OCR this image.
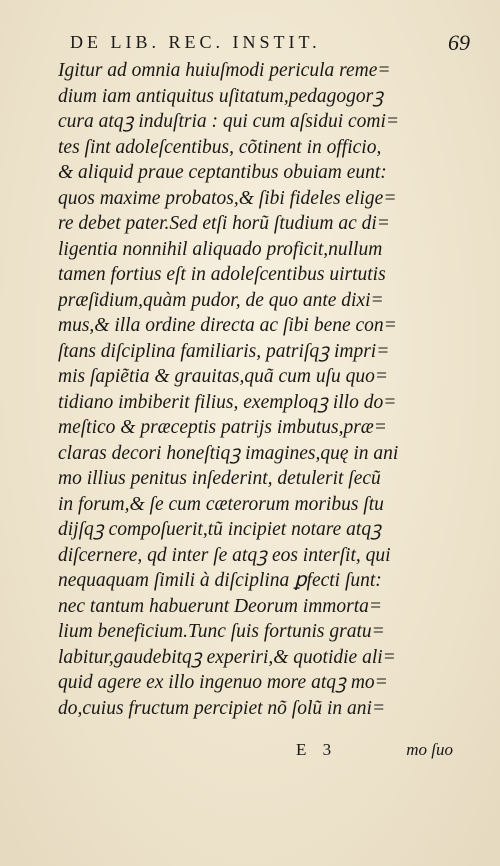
DE LIB. REC. INSTIT.	69
Igitur ad omnia huiuſmodi pericula reme=
dium iam antiquitus uſitatum,pedagogorꝫ
cura atqꝫ induſtria : qui cum aſsidui comi=
tes ſint adoleſcentibus, cõtinent in officio,
& aliquid praue ceptantibus obuiam eunt:
quos maxime probatos,& ſibi fideles elige=
re debet pater.Sed etſi horũ ſtudium ac di=
ligentia nonnihil aliquado proficit,nullum
tamen fortius eſt in adoleſcentibus uirtutis
præſidium,quàm pudor, de quo ante dixi=
mus,& illa ordine directa ac ſibi bene con=
ſtans diſciplina familiaris, patriſqꝫ impri=
mis ſapiẽtia & grauitas,quã cum uſu quo=
tidiano imbiberit filius, exemploqꝫ illo do=
meſtico & præceptis patrijs imbutus,præ=
claras decori honeſtiqꝫ imagines,quę in ani
mo illius penitus inſederint, detulerit ſecũ
in forum,& ſe cum cæterorum moribus ſtu
dijſqꝫ compoſuerit,tũ incipiet notare atqꝫ
diſcernere, qd inter ſe atqꝫ eos interſit, qui
nequaquam ſimili à diſciplina ꝑfecti ſunt:
nec tantum habuerunt Deorum immorta=
lium beneficium.Tunc ſuis fortunis gratu=
labitur,gaudebitqꝫ experiri,& quotidie ali=
quid agere ex illo ingenuo more atqꝫ mo=
do,cuius fructum percipiet nõ ſolũ in ani=
E 3	mo ſuo
